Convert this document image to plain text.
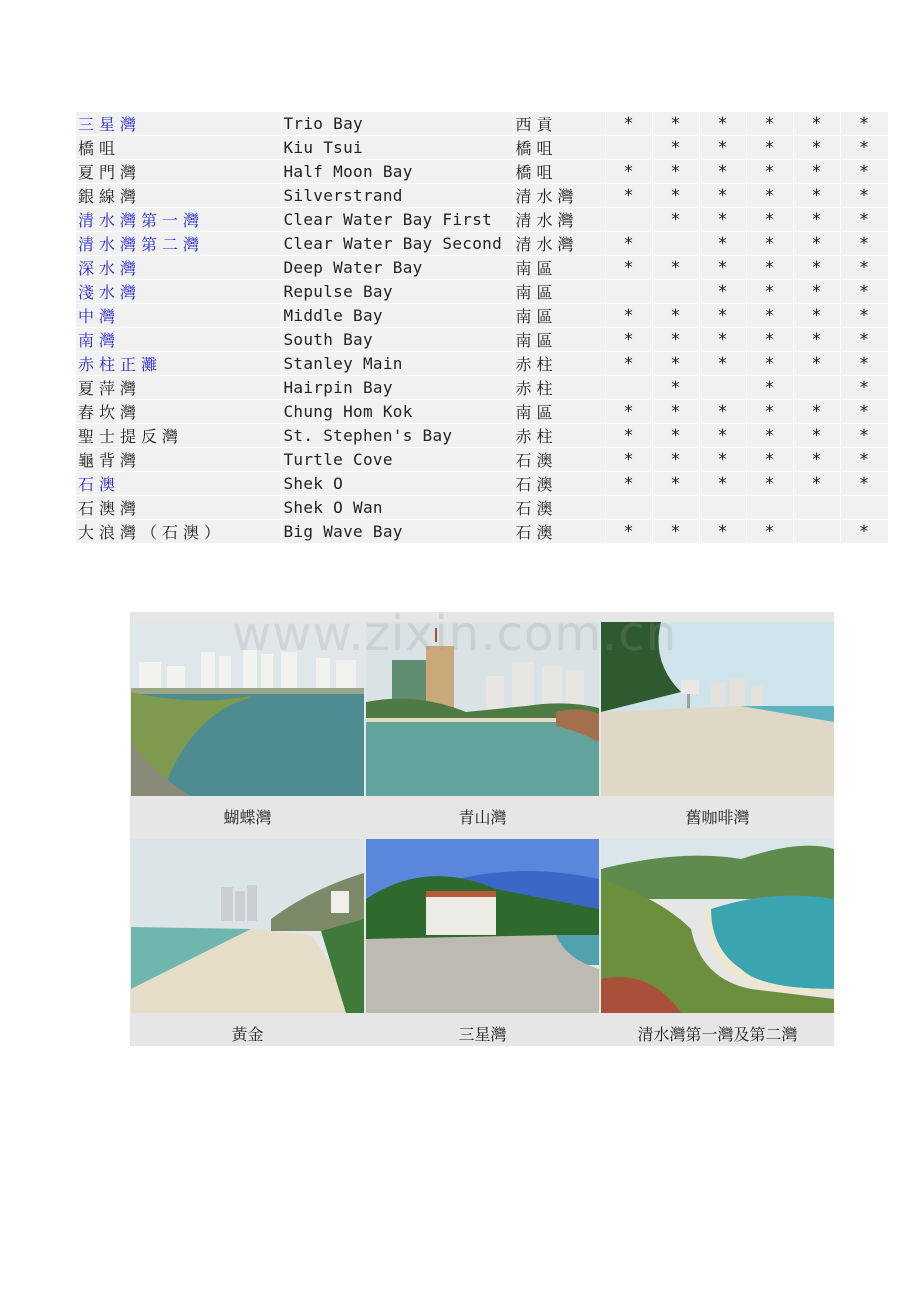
三星灣	Trio Bay	西貢	*	*	*	*	*	*
橋咀	Kiu Tsui	橋咀		*	*	*	*	*
夏門灣	Half Moon Bay	橋咀	*	*	*	*	*	*
銀線灣	Silverstrand	清水灣	*	*	*	*	*	*
清水灣第一灣	Clear Water Bay First	清水灣		*	*	*	*	*
清水灣第二灣	Clear Water Bay Second	清水灣	*		*	*	*	*
深水灣	Deep Water Bay	南區	*	*	*	*	*	*
淺水灣	Repulse Bay	南區			*	*	*	*
中灣	Middle Bay	南區	*	*	*	*	*	*
南灣	South Bay	南區	*	*	*	*	*	*
赤柱正灘	Stanley Main	赤柱	*	*	*	*	*	*
夏萍灣	Hairpin Bay	赤柱		*		*		*
舂坎灣	Chung Hom Kok	南區	*	*	*	*	*	*
聖士提反灣	St. Stephen's Bay	赤柱	*	*	*	*	*	*
龜背灣	Turtle Cove	石澳	*	*	*	*	*	*
石澳	Shek O	石澳	*	*	*	*	*	*
石澳灣	Shek O Wan	石澳						
大浪灣（石澳）	Big Wave Bay	石澳	*	*	*	*		*
蝴蝶灣	青山灣	舊咖啡灣
黃金	三星灣	清水灣第一灣及第二灣
www.zixin.com.cn
